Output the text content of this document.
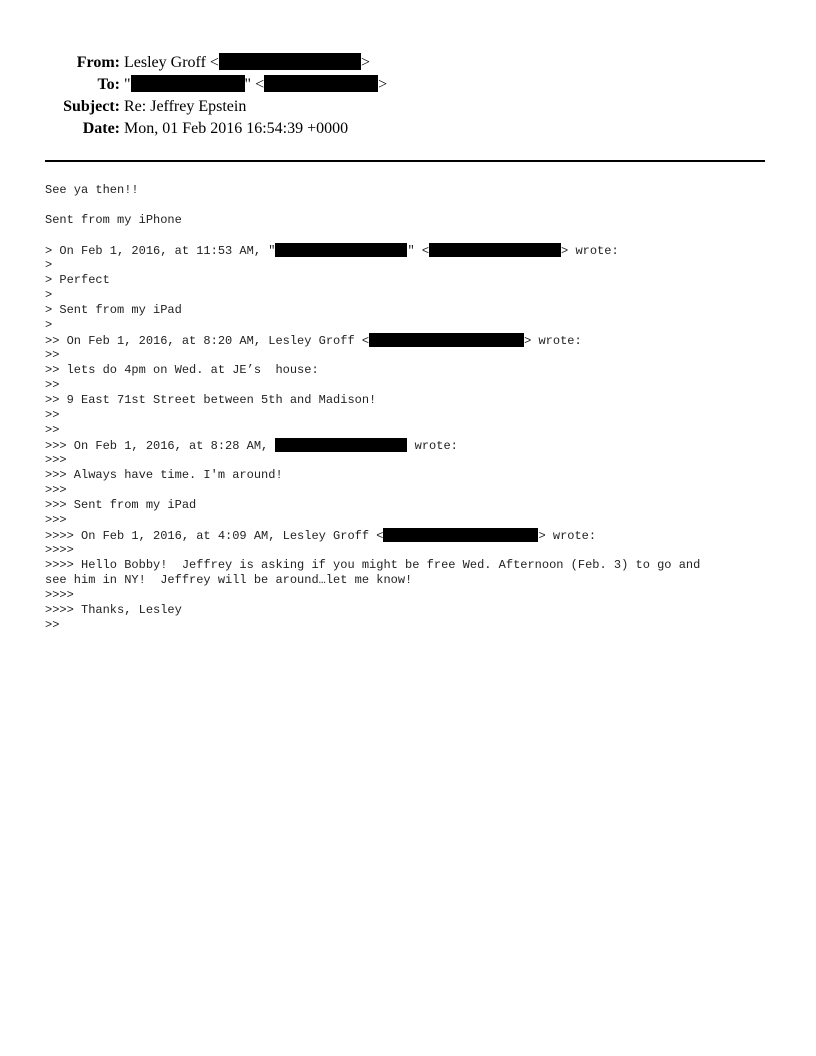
From: Lesley Groff <	>
To: "	" <	>
Subject: Re: Jeffrey Epstein
Date: Mon, 01 Feb 2016 16:54:39 +0000
See ya then!!
Sent from my iPhone
> On Feb 1, 2016, at 11:53 AM, "	" <	> wrote:
>
> Perfect
>
> Sent from my iPad
>
>> On Feb 1, 2016, at 8:20 AM, Lesley Groff <	> wrote:
>>
>> lets do 4pm on Wed. at JE’s  house:
>>
>> 9 East 71st Street between 5th and Madison!
>>
>>
>>> On Feb 1, 2016, at 8:28 AM,	wrote:
>>>
>>> Always have time. I'm around!
>>>
>>> Sent from my iPad
>>>
>>>> On Feb 1, 2016, at 4:09 AM, Lesley Groff <	> wrote:
>>>>
>>>> Hello Bobby!  Jeffrey is asking if you might be free Wed. Afternoon (Feb. 3) to go and
see him in NY!  Jeffrey will be around…let me know!
>>>>
>>>> Thanks, Lesley
>>
